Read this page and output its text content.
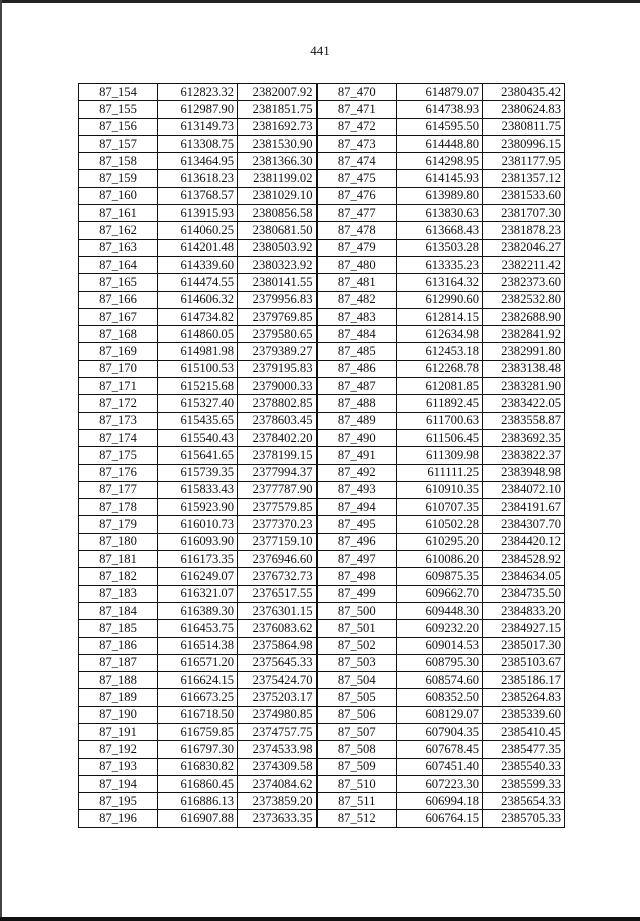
441
87_154	612823.32	2382007.92	87_470	614879.07	2380435.42
87_155	612987.90	2381851.75	87_471	614738.93	2380624.83
87_156	613149.73	2381692.73	87_472	614595.50	2380811.75
87_157	613308.75	2381530.90	87_473	614448.80	2380996.15
87_158	613464.95	2381366.30	87_474	614298.95	2381177.95
87_159	613618.23	2381199.02	87_475	614145.93	2381357.12
87_160	613768.57	2381029.10	87_476	613989.80	2381533.60
87_161	613915.93	2380856.58	87_477	613830.63	2381707.30
87_162	614060.25	2380681.50	87_478	613668.43	2381878.23
87_163	614201.48	2380503.92	87_479	613503.28	2382046.27
87_164	614339.60	2380323.92	87_480	613335.23	2382211.42
87_165	614474.55	2380141.55	87_481	613164.32	2382373.60
87_166	614606.32	2379956.83	87_482	612990.60	2382532.80
87_167	614734.82	2379769.85	87_483	612814.15	2382688.90
87_168	614860.05	2379580.65	87_484	612634.98	2382841.92
87_169	614981.98	2379389.27	87_485	612453.18	2382991.80
87_170	615100.53	2379195.83	87_486	612268.78	2383138.48
87_171	615215.68	2379000.33	87_487	612081.85	2383281.90
87_172	615327.40	2378802.85	87_488	611892.45	2383422.05
87_173	615435.65	2378603.45	87_489	611700.63	2383558.87
87_174	615540.43	2378402.20	87_490	611506.45	2383692.35
87_175	615641.65	2378199.15	87_491	611309.98	2383822.37
87_176	615739.35	2377994.37	87_492	611111.25	2383948.98
87_177	615833.43	2377787.90	87_493	610910.35	2384072.10
87_178	615923.90	2377579.85	87_494	610707.35	2384191.67
87_179	616010.73	2377370.23	87_495	610502.28	2384307.70
87_180	616093.90	2377159.10	87_496	610295.20	2384420.12
87_181	616173.35	2376946.60	87_497	610086.20	2384528.92
87_182	616249.07	2376732.73	87_498	609875.35	2384634.05
87_183	616321.07	2376517.55	87_499	609662.70	2384735.50
87_184	616389.30	2376301.15	87_500	609448.30	2384833.20
87_185	616453.75	2376083.62	87_501	609232.20	2384927.15
87_186	616514.38	2375864.98	87_502	609014.53	2385017.30
87_187	616571.20	2375645.33	87_503	608795.30	2385103.67
87_188	616624.15	2375424.70	87_504	608574.60	2385186.17
87_189	616673.25	2375203.17	87_505	608352.50	2385264.83
87_190	616718.50	2374980.85	87_506	608129.07	2385339.60
87_191	616759.85	2374757.75	87_507	607904.35	2385410.45
87_192	616797.30	2374533.98	87_508	607678.45	2385477.35
87_193	616830.82	2374309.58	87_509	607451.40	2385540.33
87_194	616860.45	2374084.62	87_510	607223.30	2385599.33
87_195	616886.13	2373859.20	87_511	606994.18	2385654.33
87_196	616907.88	2373633.35	87_512	606764.15	2385705.33
